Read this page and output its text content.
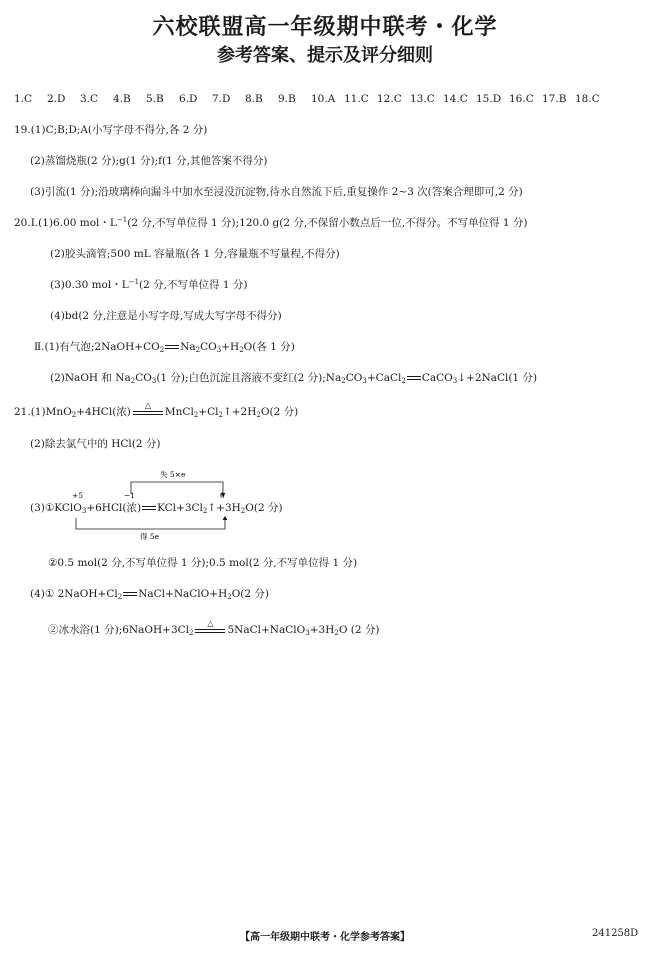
六校联盟高一年级期中联考・化学
参考答案、提示及评分细则
1.C 2.D 3.C 4.B 5.B 6.D 7.D 8.B 9.B 10.A 11.C 12.C 13.C 14.C 15.D 16.C 17.B 18.C
19.(1)C;B;D;A(小写字母不得分,各 2 分)
(2)蒸馏烧瓶(2 分);g(1 分);f(1 分,其他答案不得分)
(3)引流(1 分);沿玻璃棒向漏斗中加水至浸没沉淀物,待水自然流下后,重复操作 2~3 次(答案合理即可,2 分)
20.Ⅰ.(1)6.00 mol・$L^{-1}(2$ 分,不写单位得 1 分);120.0 g(2 分,不保留小数点后一位,不得分。不写单位得 1 分)
(2)胶头滴管;500 mL 容量瓶(各 1 分,容量瓶不写量程,不得分)
(3)0.30 mol・$L^{-1}(2$ 分,不写单位得 1 分)
(4)bd(2 分,注意是小写字母,写成大写字母不得分)
Ⅱ.(1)有气泡$;2NaOH+CO_2$ $Na_2CO_3+H_2O$(各 1 分)
(2)NaOH 和 $Na_2CO_3(1$ 分);白色沉淀且溶液不变红(2 分)$;Na_2CO_3+CaCl_2$ CaCO$_3$↓+2NaCl(1 分)
21.(1)MnO$_2$+4HCl(浓)
△
$MnCl_2+Cl_2↑+2H_2O(2$ 分)
(2)除去氯气中的 HCl(2 分)
失 5×e
+5	−1	0
得 5e
(3)①KClO$_3$+6HCl(浓) $KCl+3Cl_2↑+3H_2O(2$ 分)
②0.5 mol(2 分,不写单位得 1 分);0.5 mol(2 分,不写单位得 1 分)
(4)① $2NaOH+Cl_2$ $NaCl+NaClO+H_2O(2$ 分)
②冰水浴(1 分)$;6NaOH+3Cl_2$
△
$5NaCl+NaClO_3+3H_2O$ (2 分)
【高一年级期中联考・化学参考答案】	241258D
